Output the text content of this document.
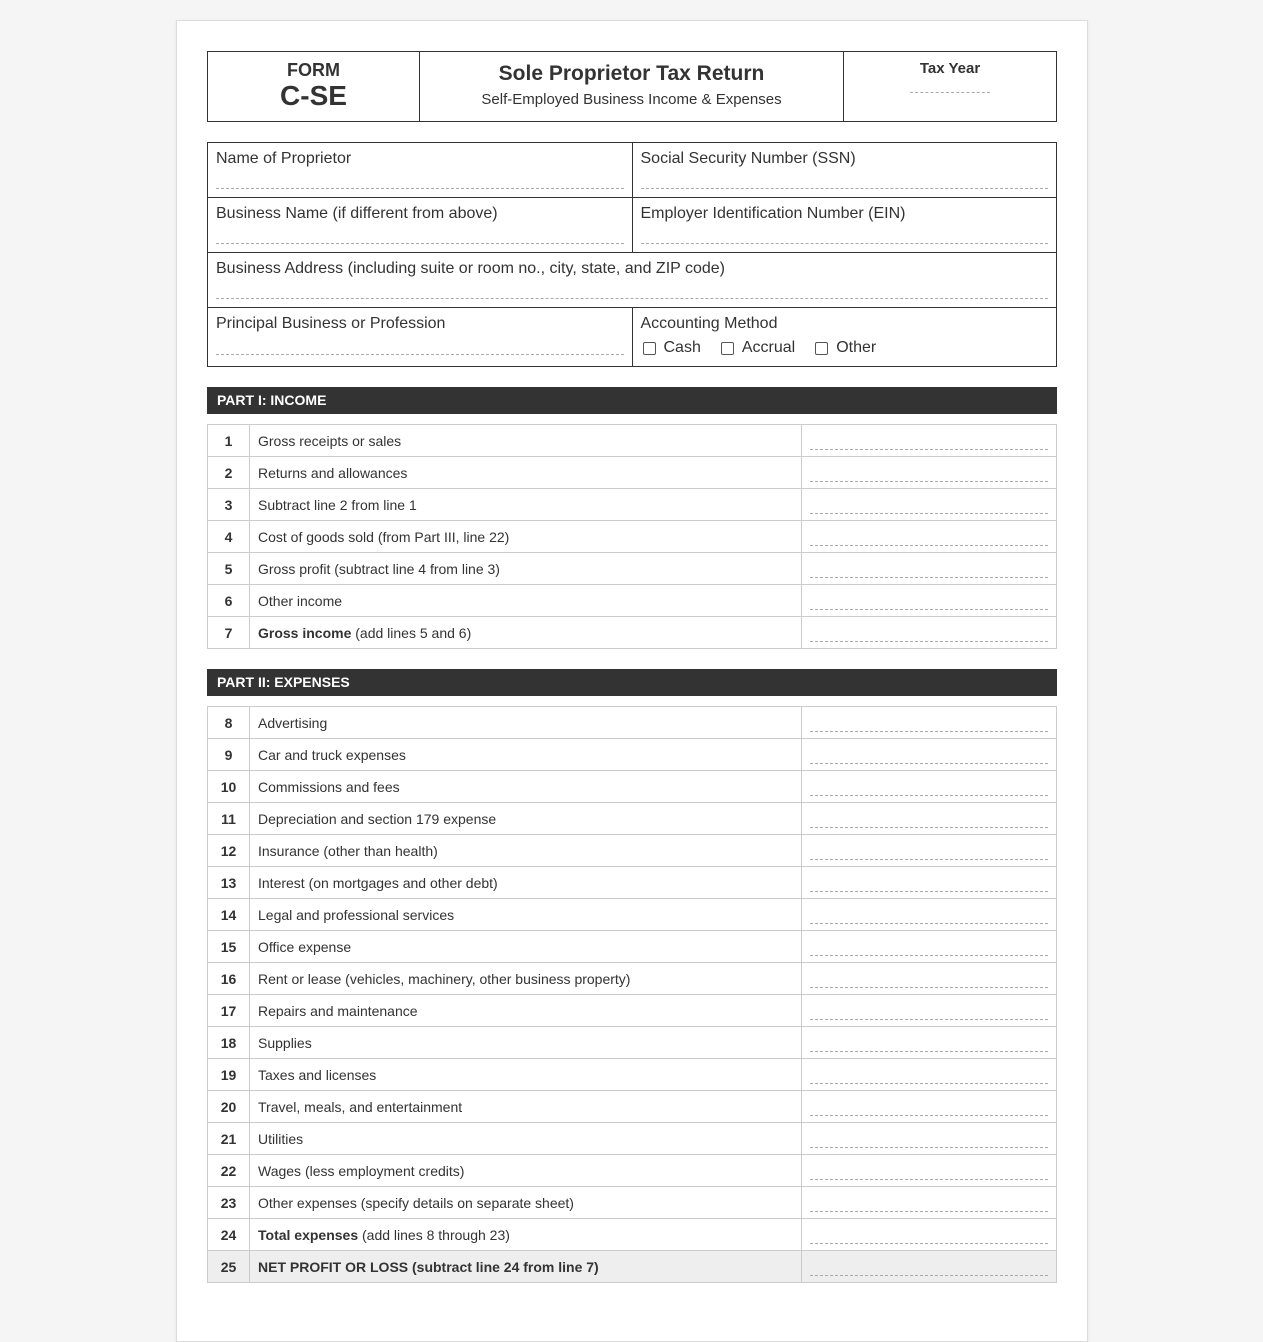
FORM
C-SE
Sole Proprietor Tax Return
Self-Employed Business Income & Expenses
Tax Year
Name of Proprietor	Social Security Number (SSN)
Business Name (if different from above)	Employer Identification Number (EIN)
Business Address (including suite or room no., city, state, and ZIP code)
Principal Business or Profession	Accounting Method
Cash	Accrual	Other
PART I: INCOME
1	Gross receipts or sales	

2	Returns and allowances	

3	Subtract line 2 from line 1	

4	Cost of goods sold (from Part III, line 22)	

5	Gross profit (subtract line 4 from line 3)	

6	Other income	

7	Gross income (add lines 5 and 6)	
PART II: EXPENSES
8	Advertising	

9	Car and truck expenses	

10	Commissions and fees	

11	Depreciation and section 179 expense	

12	Insurance (other than health)	

13	Interest (on mortgages and other debt)	

14	Legal and professional services	

15	Office expense	

16	Rent or lease (vehicles, machinery, other business property)	

17	Repairs and maintenance	

18	Supplies	

19	Taxes and licenses	

20	Travel, meals, and entertainment	

21	Utilities	

22	Wages (less employment credits)	

23	Other expenses (specify details on separate sheet)	

24	Total expenses (add lines 8 through 23)	

25	NET PROFIT OR LOSS (subtract line 24 from line 7)	
